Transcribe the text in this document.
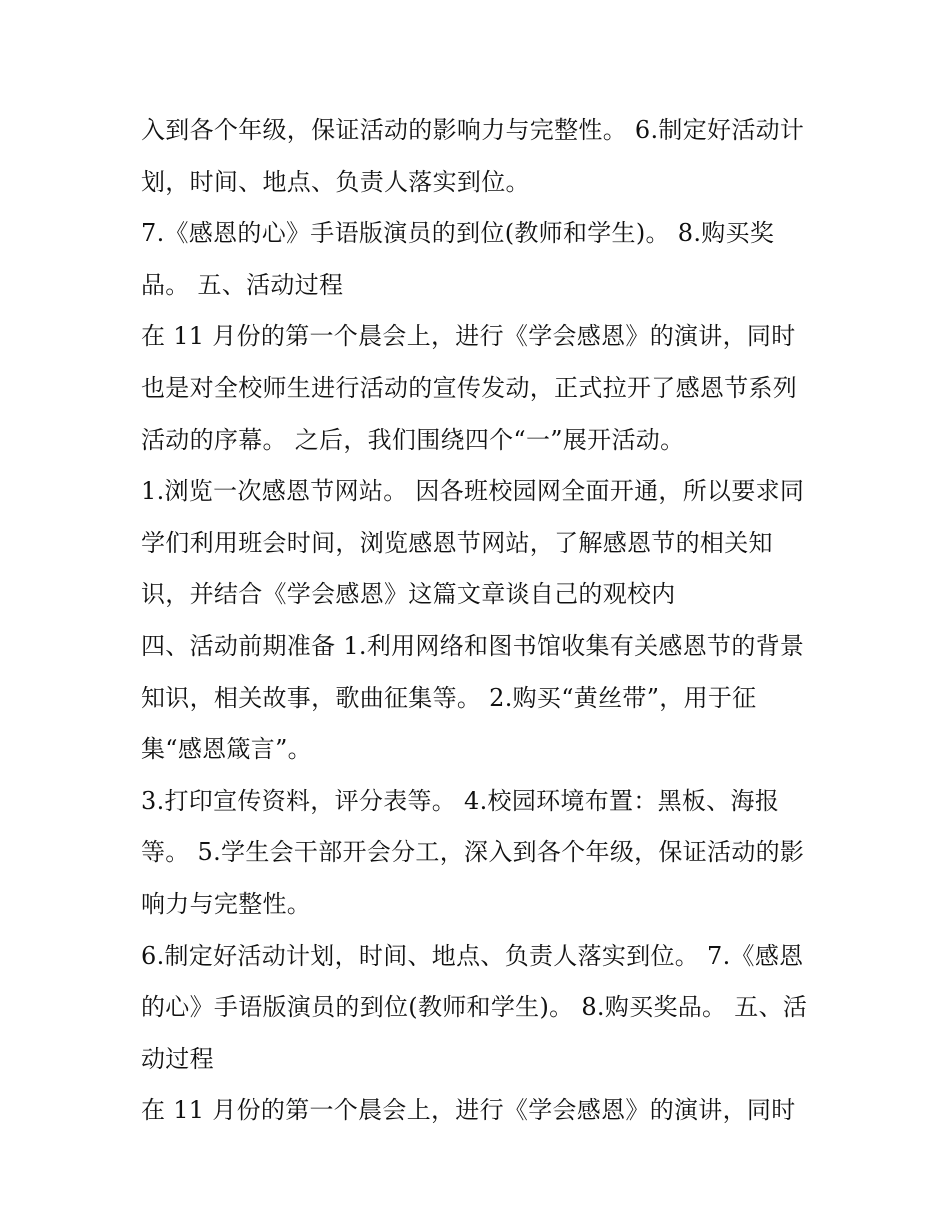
入到各个年级，保证活动的影响力与完整性。 6.制定好活动计
划，时间、地点、负责人落实到位。
7.《感恩的心》手语版演员的到位(教师和学生)。 8.购买奖
品。 五、活动过程
在 11 月份的第一个晨会上，进行《学会感恩》的演讲，同时
也是对全校师生进行活动的宣传发动，正式拉开了感恩节系列
活动的序幕。 之后，我们围绕四个“一”展开活动。
1.浏览一次感恩节网站。 因各班校园网全面开通，所以要求同
学们利用班会时间，浏览感恩节网站，了解感恩节的相关知
识，并结合《学会感恩》这篇文章谈自己的观校内
四、活动前期准备 1.利用网络和图书馆收集有关感恩节的背景
知识，相关故事，歌曲征集等。 2.购买“黄丝带”，用于征
集“感恩箴言”。
3.打印宣传资料，评分表等。 4.校园环境布置：黑板、海报
等。 5.学生会干部开会分工，深入到各个年级，保证活动的影
响力与完整性。
6.制定好活动计划，时间、地点、负责人落实到位。 7.《感恩
的心》手语版演员的到位(教师和学生)。 8.购买奖品。 五、活
动过程
在 11 月份的第一个晨会上，进行《学会感恩》的演讲，同时
